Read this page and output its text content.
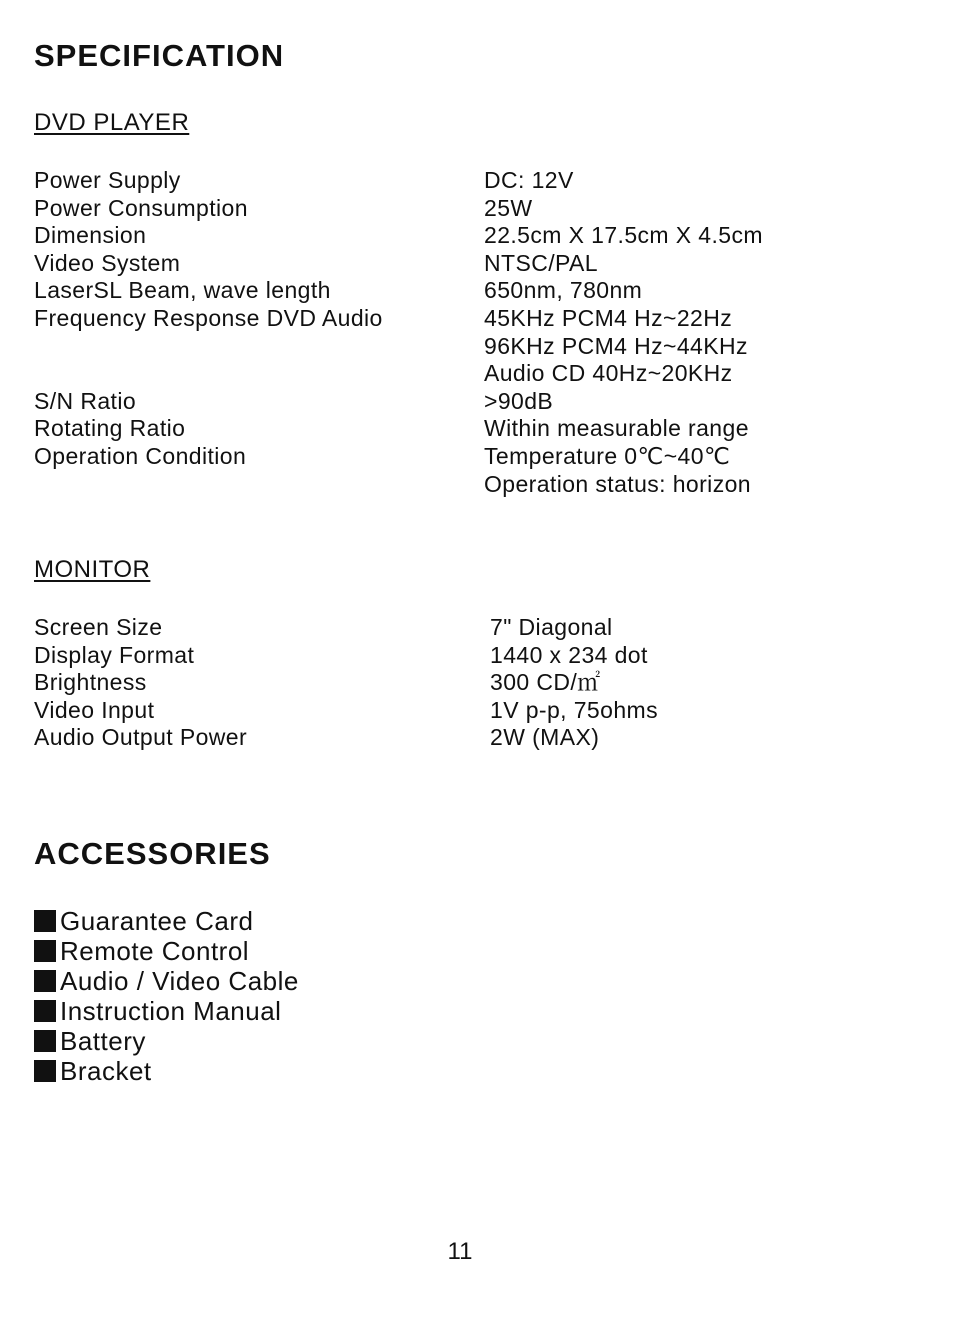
SPECIFICATION
DVD PLAYER
Power Supply	DC: 12V
Power Consumption	25W
Dimension	22.5cm X 17.5cm X 4.5cm
Video System	NTSC/PAL
LaserSL Beam, wave length	650nm, 780nm
Frequency Response DVD Audio	45KHz PCM4 Hz~22Hz
96KHz PCM4 Hz~44KHz
Audio CD 40Hz~20KHz
S/N Ratio	>90dB
Rotating Ratio	Within measurable range
Operation Condition	Temperature 0℃~40℃
Operation status: horizon
MONITOR
Screen Size	7" Diagonal
Display Format	1440 x 234 dot
Brightness	300 CD/㎡
Video Input	1V p-p, 75ohms
Audio Output Power	2W (MAX)
ACCESSORIES
Guarantee Card
Remote Control
Audio / Video Cable
Instruction Manual
Battery
Bracket
11
